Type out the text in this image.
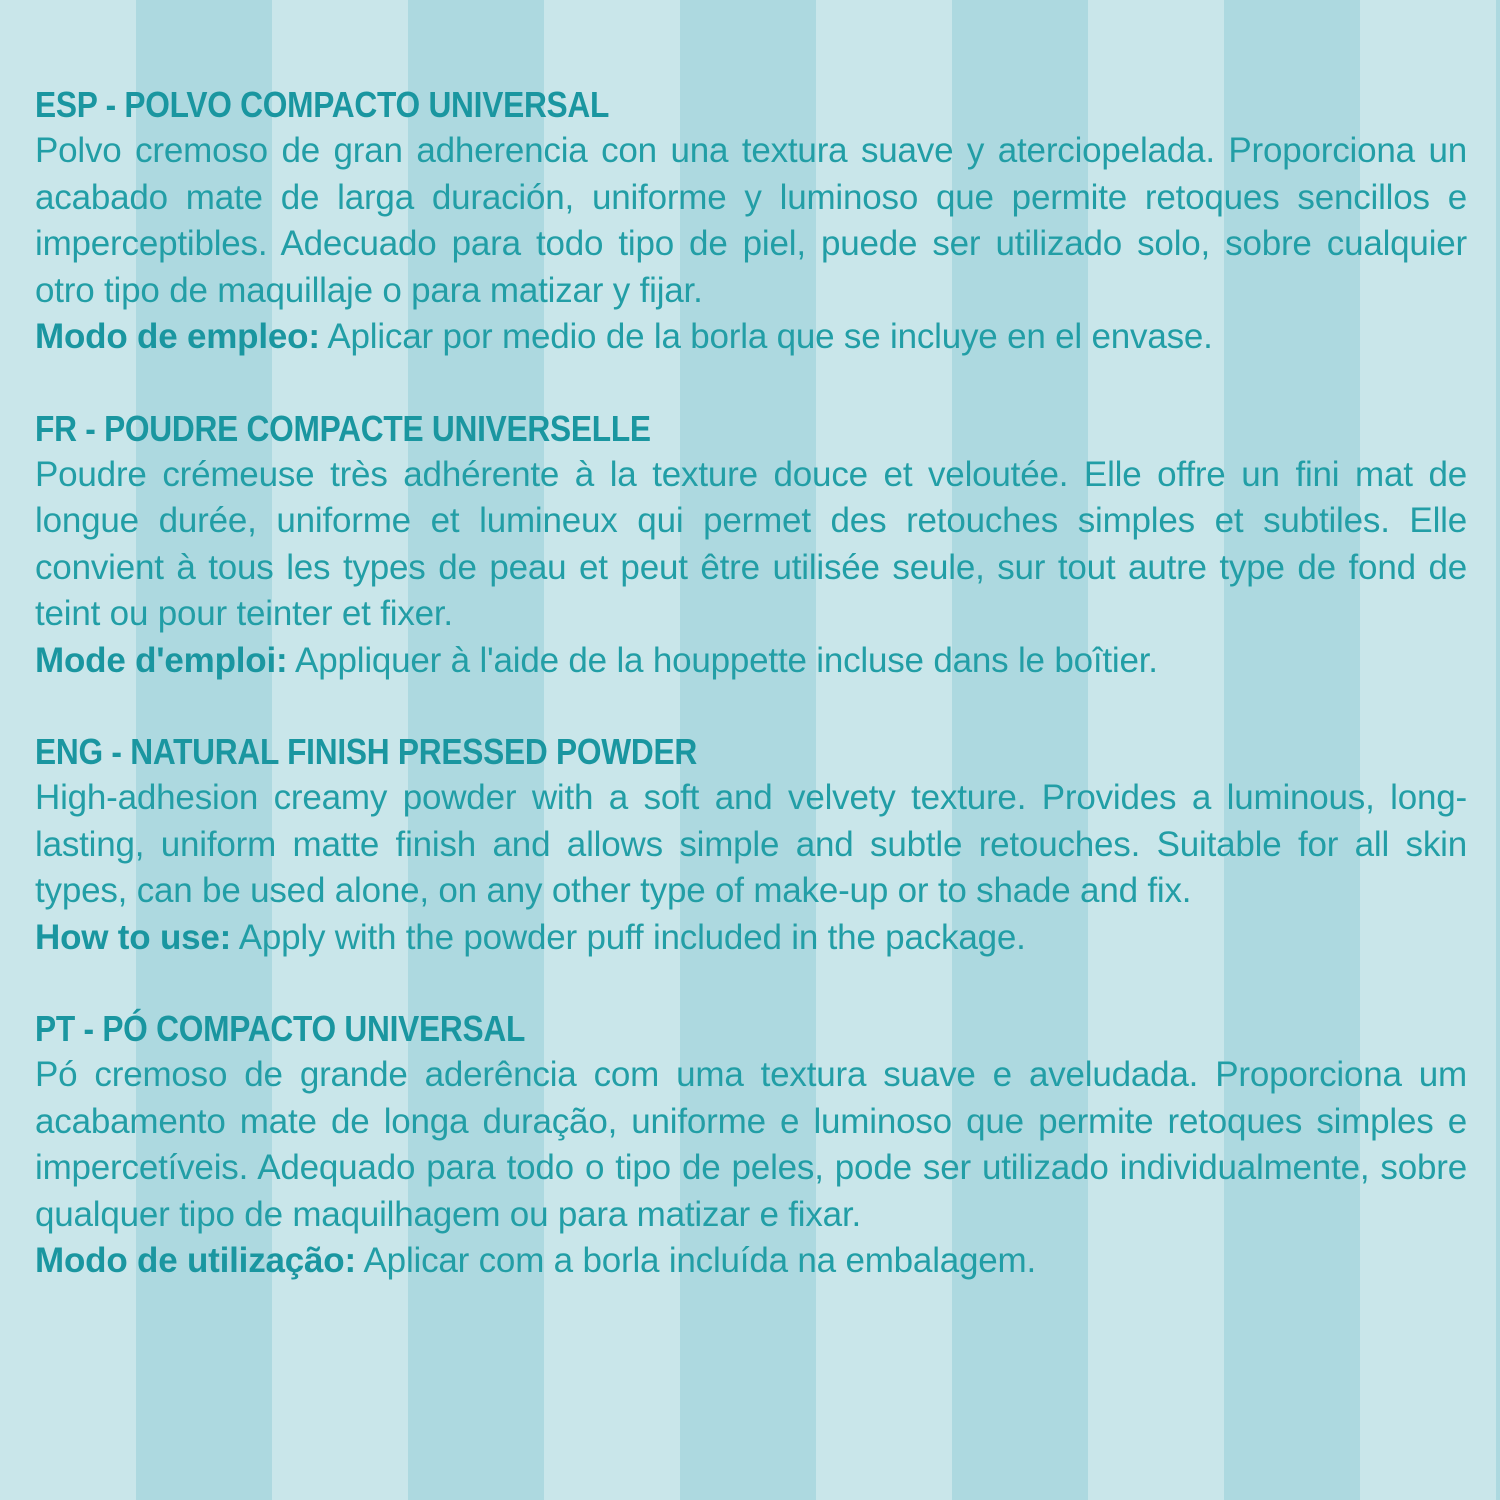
ESP - POLVO COMPACTO UNIVERSAL

Polvo cremoso de gran adherencia con una textura suave y aterciopelada. Proporciona un acabado mate de larga duración, uniforme y luminoso que permite retoques sencillos e imperceptibles. Adecuado para todo tipo de piel, puede ser utilizado solo, sobre cualquier otro tipo de maquillaje o para matizar y fijar.

Modo de empleo: Aplicar por medio de la borla que se incluye en el envase.

FR - POUDRE COMPACTE UNIVERSELLE

Poudre crémeuse très adhérente à la texture douce et veloutée. Elle offre un fini mat de longue durée, uniforme et lumineux qui permet des retouches simples et subtiles. Elle convient à tous les types de peau et peut être utilisée seule, sur tout autre type de fond de teint ou pour teinter et fixer.

Mode d'emploi: Appliquer à l'aide de la houppette incluse dans le boîtier.

ENG - NATURAL FINISH PRESSED POWDER

High-adhesion creamy powder with a soft and velvety texture. Provides a luminous, long-lasting, uniform matte finish and allows simple and subtle retouches. Suitable for all skin types, can be used alone, on any other type of make-up or to shade and fix.

How to use: Apply with the powder puff included in the package.

PT - PÓ COMPACTO UNIVERSAL

Pó cremoso de grande aderência com uma textura suave e aveludada. Proporciona um acabamento mate de longa duração, uniforme e luminoso que permite retoques simples e impercetíveis. Adequado para todo o tipo de peles, pode ser utilizado individualmente, sobre qualquer tipo de maquilhagem ou para matizar e fixar.

Modo de utilização: Aplicar com a borla incluída na embalagem.
